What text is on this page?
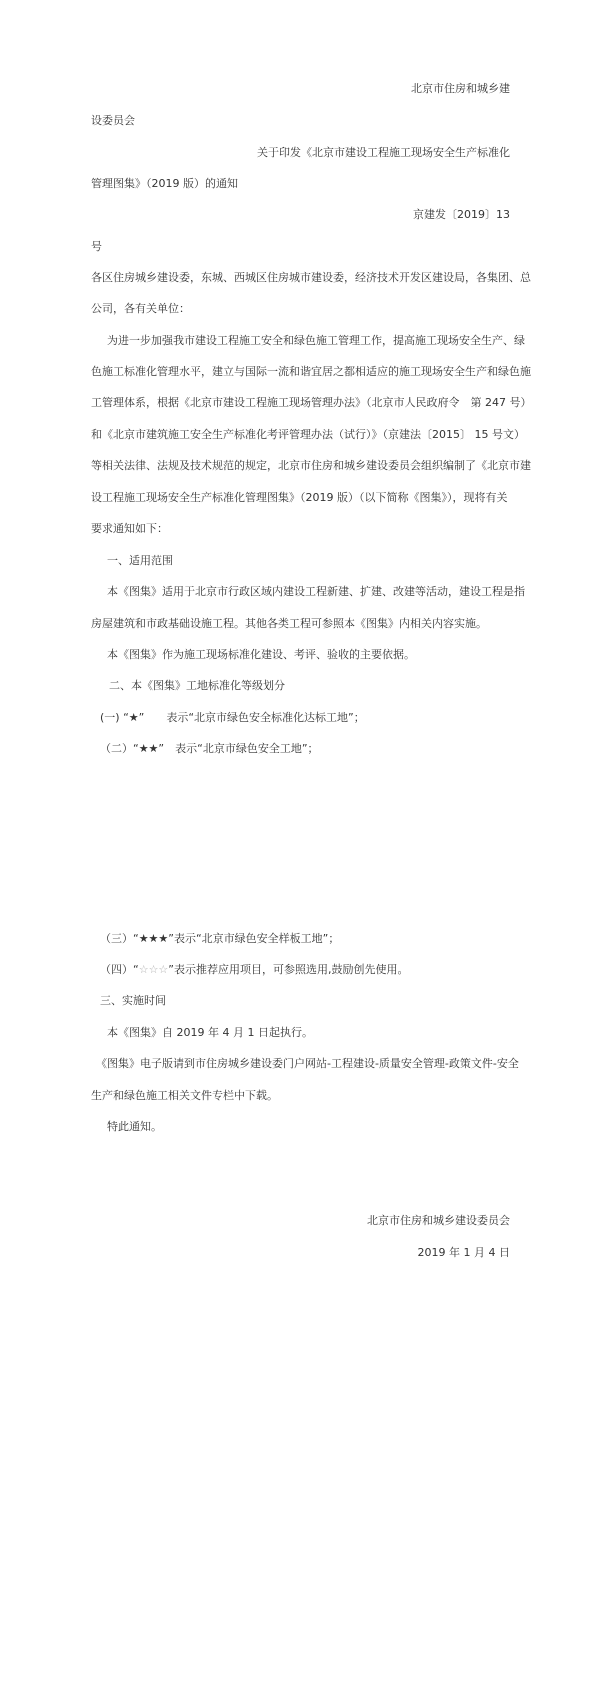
北京市住房和城乡建
设委员会
关于印发《北京市建设工程施工现场安全生产标准化
管理图集》（2019 版）的通知
京建发〔2019〕13
号
各区住房城乡建设委，东城、西城区住房城市建设委，经济技术开发区建设局，各集团、总
公司，各有关单位：
为进一步加强我市建设工程施工安全和绿色施工管理工作，提高施工现场安全生产、绿
色施工标准化管理水平，建立与国际一流和谐宜居之都相适应的施工现场安全生产和绿色施
工管理体系，根据《北京市建设工程施工现场管理办法》（北京市人民政府令　第 247 号）
和《北京市建筑施工安全生产标准化考评管理办法（试行）》（京建法〔2015〕 15 号文）
等相关法律、法规及技术规范的规定，北京市住房和城乡建设委员会组织编制了《北京市建
设工程施工现场安全生产标准化管理图集》（2019 版）（以下简称《图集》），现将有关
要求通知如下：
一、适用范围
本《图集》适用于北京市行政区域内建设工程新建、扩建、改建等活动，建设工程是指
房屋建筑和市政基础设施工程。其他各类工程可参照本《图集》内相关内容实施。
本《图集》作为施工现场标准化建设、考评、验收的主要依据。
二、本《图集》工地标准化等级划分
(一) “★”　　表示“北京市绿色安全标准化达标工地”；
（二）“★★”　表示“北京市绿色安全工地”；
（三）“★★★”表示“北京市绿色安全样板工地”；
（四）“☆☆☆”表示推荐应用项目，可参照选用,鼓励创先使用。
三、实施时间
本《图集》自 2019 年 4 月 1 日起执行。
《图集》电子版请到市住房城乡建设委门户网站-工程建设-质量安全管理-政策文件-安全
生产和绿色施工相关文件专栏中下载。
特此通知。
北京市住房和城乡建设委员会
2019 年 1 月 4 日
